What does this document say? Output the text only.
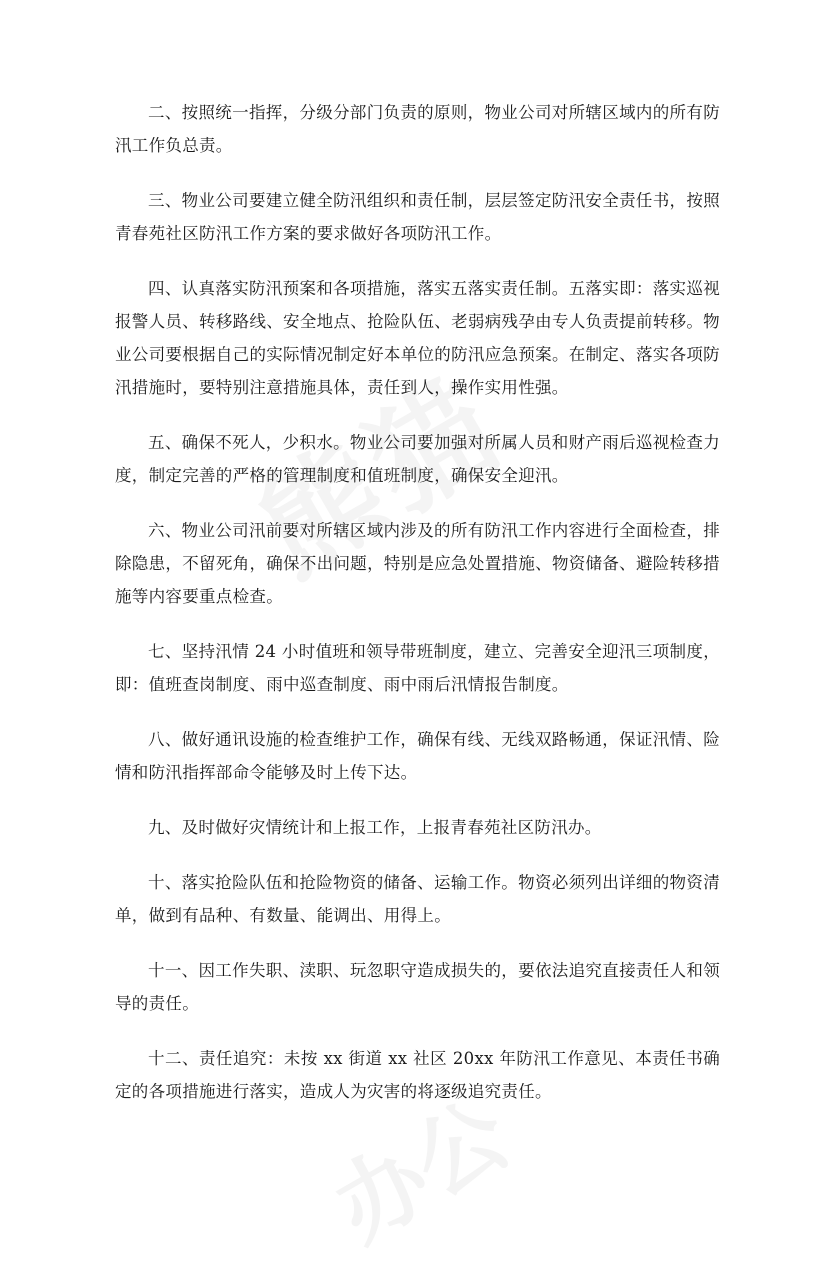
二、按照统一指挥，分级分部门负责的原则，物业公司对所辖区域内的所有防汛工作负总责。

三、物业公司要建立健全防汛组织和责任制，层层签定防汛安全责任书，按照青春苑社区防汛工作方案的要求做好各项防汛工作。

四、认真落实防汛预案和各项措施，落实五落实责任制。五落实即：落实巡视报警人员、转移路线、安全地点、抢险队伍、老弱病残孕由专人负责提前转移。物业公司要根据自己的实际情况制定好本单位的防汛应急预案。在制定、落实各项防汛措施时，要特别注意措施具体，责任到人，操作实用性强。

五、确保不死人，少积水。物业公司要加强对所属人员和财产雨后巡视检查力度，制定完善的严格的管理制度和值班制度，确保安全迎汛。

六、物业公司汛前要对所辖区域内涉及的所有防汛工作内容进行全面检查，排除隐患，不留死角，确保不出问题，特别是应急处置措施、物资储备、避险转移措施等内容要重点检查。

七、坚持汛情 24 小时值班和领导带班制度，建立、完善安全迎汛三项制度，即：值班查岗制度、雨中巡查制度、雨中雨后汛情报告制度。

八、做好通讯设施的检查维护工作，确保有线、无线双路畅通，保证汛情、险情和防汛指挥部命令能够及时上传下达。

九、及时做好灾情统计和上报工作，上报青春苑社区防汛办。

十、落实抢险队伍和抢险物资的储备、运输工作。物资必须列出详细的物资清单，做到有品种、有数量、能调出、用得上。

十一、因工作失职、渎职、玩忽职守造成损失的，要依法追究直接责任人和领导的责任。

十二、责任追究：未按 xx 街道 xx 社区 20xx 年防汛工作意见、本责任书确定的各项措施进行落实，造成人为灾害的将逐级追究责任。
